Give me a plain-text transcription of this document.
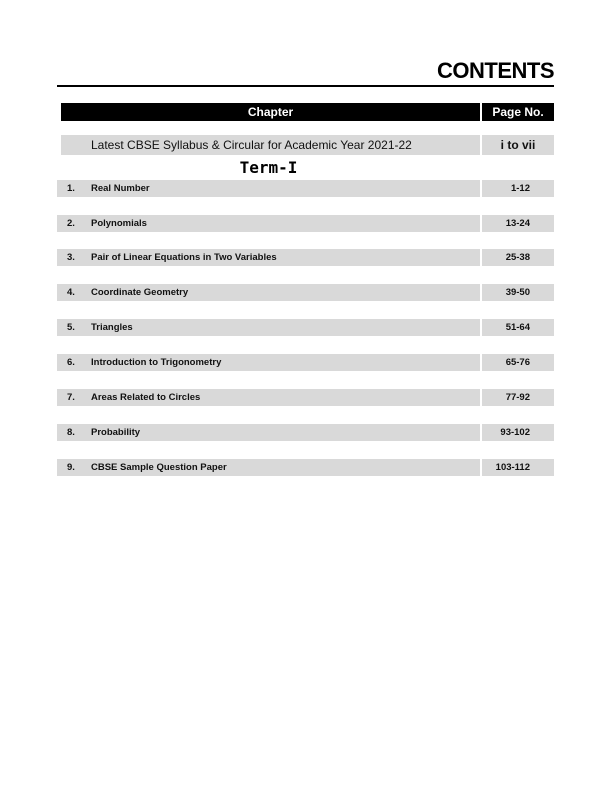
CONTENTS
Chapter	Page No.
Latest CBSE Syllabus & Circular for Academic Year 2021-22	i to vii
Term-I
1.	Real Number	1-12
2.	Polynomials	13-24
3.	Pair of Linear Equations in Two Variables	25-38
4.	Coordinate Geometry	39-50
5.	Triangles	51-64
6.	Introduction to Trigonometry	65-76
7.	Areas Related to Circles	77-92
8.	Probability	93-102
9.	CBSE Sample Question Paper	103-112
